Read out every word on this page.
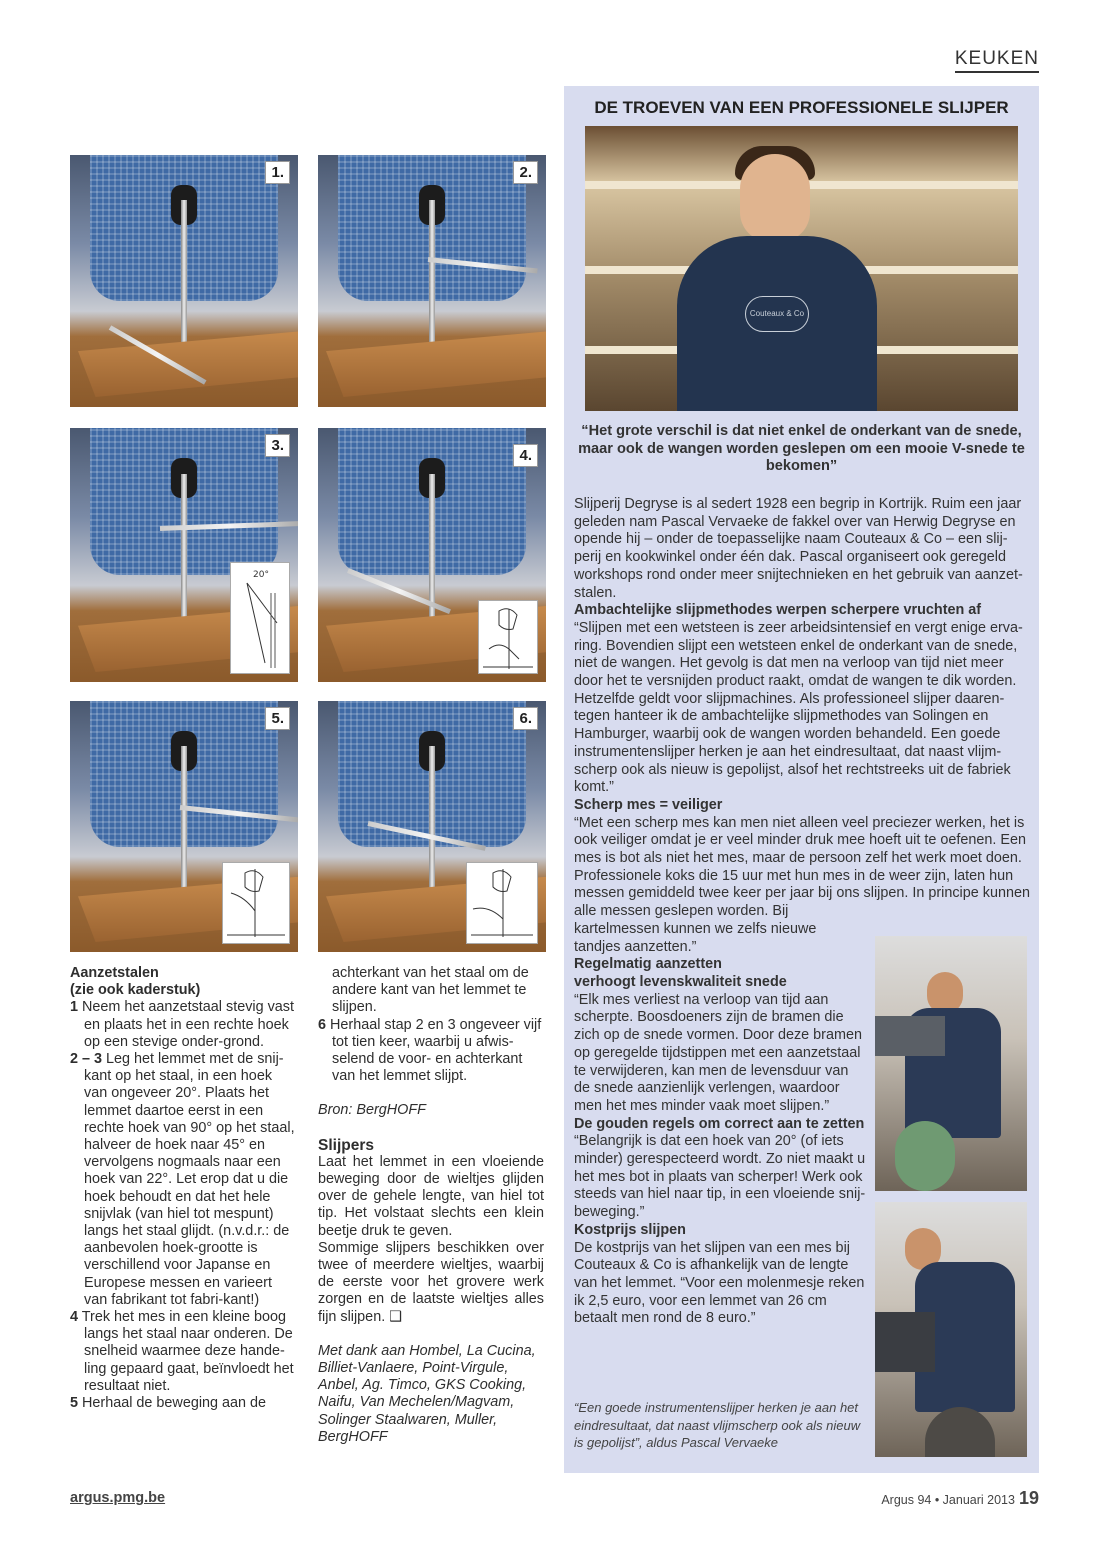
KEUKEN
1.	2.
3.
20°
4.
5.	6.
Aanzetstalen
(zie ook kaderstuk)

1 Neem het aanzetstaal stevig vast en plaats het in een rechte hoek op een stevige onder-grond.

2 – 3 Leg het lemmet met de snij-kant op het staal, in een hoek van ongeveer 20°. Plaats het lemmet daartoe eerst in een rechte hoek van 90° op het staal, halveer de hoek naar 45° en vervolgens nogmaals naar een hoek van 22°. Let erop dat u die hoek behoudt en dat het hele snijvlak (van hiel tot mespunt) langs het staal glijdt. (n.v.d.r.: de aanbevolen hoek-grootte is verschillend voor Japanse en Europese messen en varieert van fabrikant tot fabri-kant!)

4 Trek het mes in een kleine boog langs het staal naar onderen. De snelheid waarmee deze hande-ling gepaard gaat, beïnvloedt het resultaat niet.

5 Herhaal de beweging aan de

achterkant van het staal om de andere kant van het lemmet te slijpen.

6 Herhaal stap 2 en 3 ongeveer vijf tot tien keer, waarbij u afwis-selend de voor- en achterkant van het lemmet slijpt.

Bron: BergHOFF

Slijpers

Laat het lemmet in een vloeiende beweging door de wieltjes glijden over de gehele lengte, van hiel tot tip. Het volstaat slechts een klein beetje druk te geven.

Sommige slijpers beschikken over twee of meerdere wieltjes, waarbij de eerste voor het grovere werk zorgen en de laatste wieltjes alles fijn slijpen. ❑

Met dank aan Hombel, La Cucina, Billiet-Vanlaere, Point-Virgule, Anbel, Ag. Timco, GKS Cooking, Naifu, Van Mechelen/Magvam, Solinger Staalwaren, Muller, BergHOFF

DE TROEVEN VAN EEN PROFESSIONELE SLIJPER
Couteaux & Co
“Het grote verschil is dat niet enkel de onderkant van de snede, maar ook de wangen worden geslepen om een mooie V-snede te bekomen”

Slijperij Degryse is al sedert 1928 een begrip in Kortrijk. Ruim een jaar geleden nam Pascal Vervaeke de fakkel over van Herwig Degryse en opende hij – onder de toepasselijke naam Couteaux & Co – een slij-perij en kookwinkel onder één dak. Pascal organiseert ook geregeld workshops rond onder meer snijtechnieken en het gebruik van aanzet-stalen.

Ambachtelijke slijpmethodes werpen scherpere vruchten af

“Slijpen met een wetsteen is zeer arbeidsintensief en vergt enige erva-ring. Bovendien slijpt een wetsteen enkel de onderkant van de snede, niet de wangen. Het gevolg is dat men na verloop van tijd niet meer door het te versnijden product raakt, omdat de wangen te dik worden. Hetzelfde geldt voor slijpmachines. Als professioneel slijper daaren-tegen hanteer ik de ambachtelijke slijpmethodes van Solingen en Hamburger, waarbij ook de wangen worden behandeld. Een goede instrumentenslijper herken je aan het eindresultaat, dat naast vlijm-scherp ook als nieuw is gepolijst, alsof het rechtstreeks uit de fabriek komt.”

Scherp mes = veiliger

“Met een scherp mes kan men niet alleen veel preciezer werken, het is ook veiliger omdat je er veel minder druk mee hoeft uit te oefenen. Een mes is bot als niet het mes, maar de persoon zelf het werk moet doen. Professionele koks die 15 uur met hun mes in de weer zijn, laten hun messen gemiddeld twee keer per jaar bij ons slijpen. In principe kunnen alle messen geslepen worden. Bij

kartelmessen kunnen we zelfs nieuwe tandjes aanzetten.”

Regelmatig aanzetten
verhoogt levenskwaliteit snede

“Elk mes verliest na verloop van tijd aan scherpte. Boosdoeners zijn de bramen die zich op de snede vormen. Door deze bramen op geregelde tijdstippen met een aanzetstaal te verwijderen, kan men de levensduur van de snede aanzienlijk verlengen, waardoor men het mes minder vaak moet slijpen.”

De gouden regels om correct aan te zetten

“Belangrijk is dat een hoek van 20° (of iets minder) gerespecteerd wordt. Zo niet maakt u het mes bot in plaats van scherper! Werk ook steeds van hiel naar tip, in een vloeiende snij-beweging.”

Kostprijs slijpen

De kostprijs van het slijpen van een mes bij Couteaux & Co is afhankelijk van de lengte van het lemmet. “Voor een molenmesje reken ik 2,5 euro, voor een lemmet van 26 cm betaalt men rond de 8 euro.”

“Een goede instrumentenslijper herken je aan het eindresultaat, dat naast vlijmscherp ook als nieuw is gepolijst”, aldus Pascal Vervaeke
argus.pmg.be	Argus 94 • Januari 2013 19
